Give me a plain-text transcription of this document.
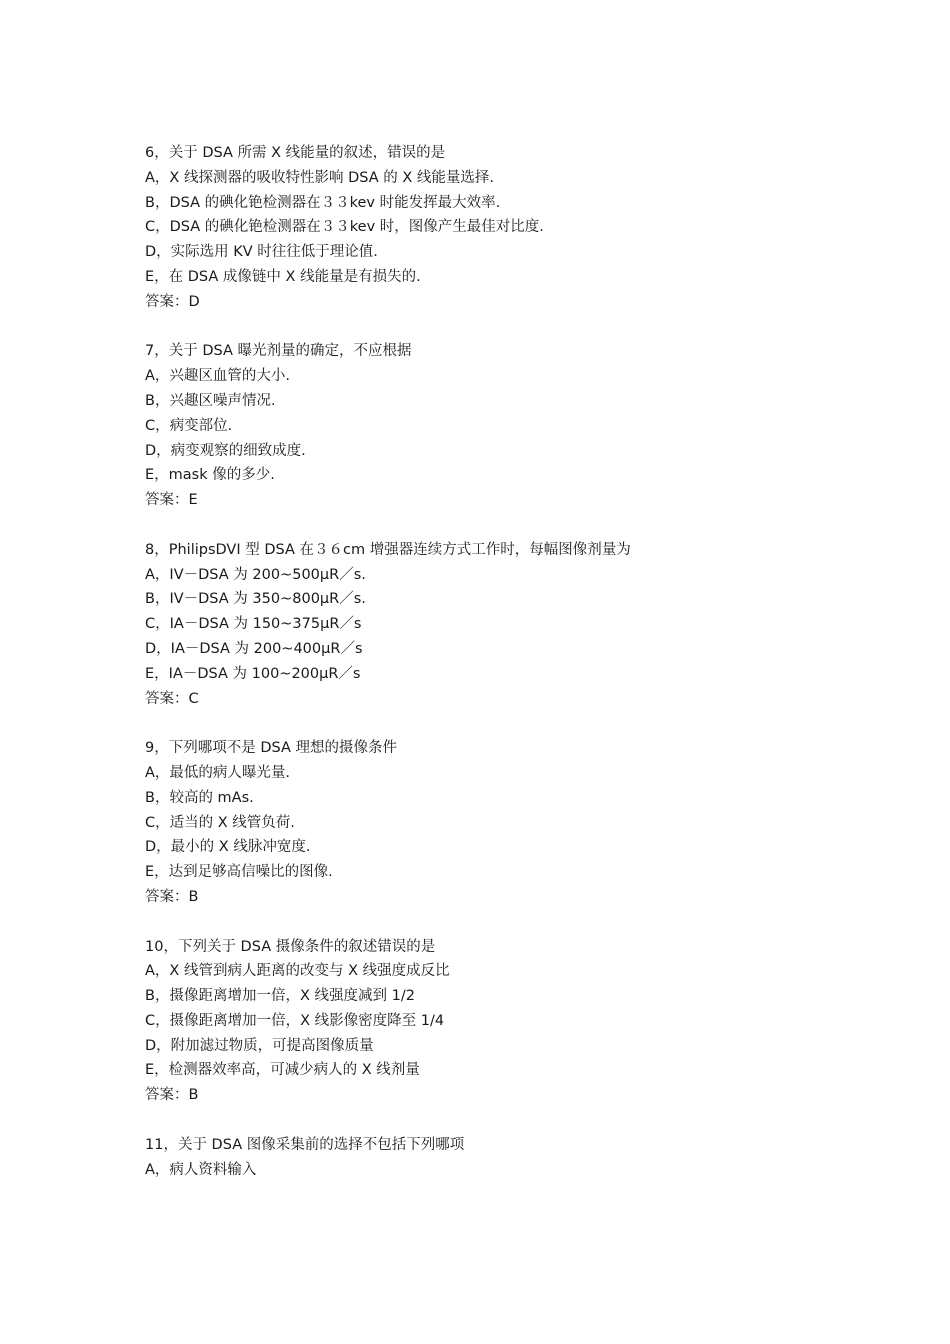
6，关于 DSA 所需 X 线能量的叙述，错误的是
A，X 线探测器的吸收特性影响 DSA 的 X 线能量选择.
B，DSA 的碘化铯检测器在３３kev 时能发挥最大效率.
C，DSA 的碘化铯检测器在３３kev 时，图像产生最佳对比度.
D，实际选用 KV 时往往低于理论值.
E，在 DSA 成像链中 X 线能量是有损失的.
答案：D
7，关于 DSA 曝光剂量的确定，不应根据
A，兴趣区血管的大小.
B，兴趣区噪声情况.
C，病变部位.
D，病变观察的细致成度.
E，mask 像的多少.
答案：E
8，PhilipsDVI 型 DSA 在３６cm 增强器连续方式工作时，每幅图像剂量为
A，IV－DSA 为 200~500μR／s.
B，IV－DSA 为 350~800μR／s.
C，IA－DSA 为 150~375μR／s
D，IA－DSA 为 200~400μR／s
E，IA－DSA 为 100~200μR／s
答案：C
9，下列哪项不是 DSA 理想的摄像条件
A，最低的病人曝光量.
B，较高的 mAs.
C，适当的 X 线管负荷.
D，最小的 X 线脉冲宽度.
E，达到足够高信噪比的图像.
答案：B
10，下列关于 DSA 摄像条件的叙述错误的是
A，X 线管到病人距离的改变与 X 线强度成反比
B，摄像距离增加一倍，X 线强度减到 1/2
C，摄像距离增加一倍，X 线影像密度降至 1/4
D，附加滤过物质，可提高图像质量
E，检测器效率高，可减少病人的 X 线剂量
答案：B
11，关于 DSA 图像采集前的选择不包括下列哪项
A，病人资料输入
